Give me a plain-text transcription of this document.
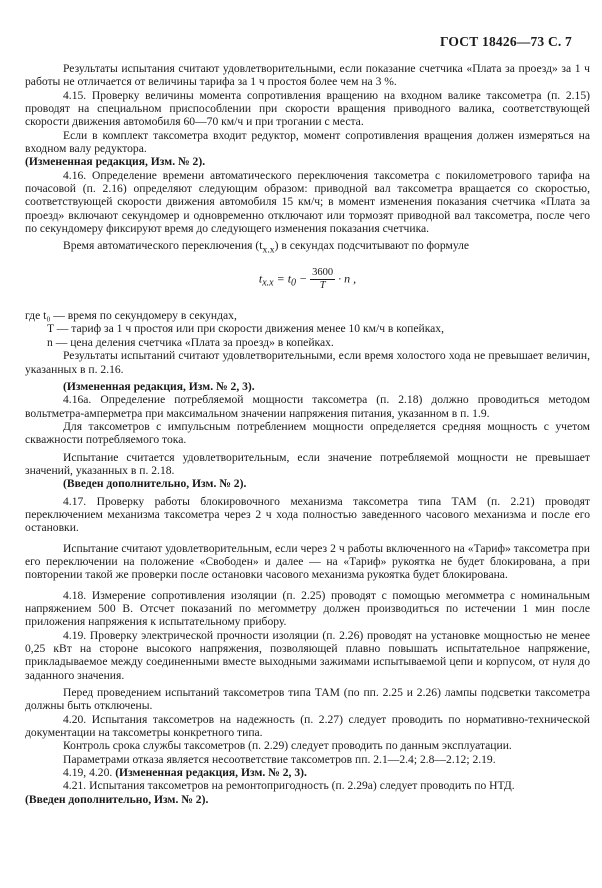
ГОСТ 18426—73 С. 7

Результаты испытания считают удовлетворительными, если показание счетчика «Плата за проезд» за 1 ч работы не отличается от величины тарифа за 1 ч простоя более чем на 3 %.

4.15. Проверку величины момента сопротивления вращению на входном валике таксометра (п. 2.15) проводят на специальном приспособлении при скорости вращения приводного валика, соответствующей скорости движения автомобиля 60—70 км/ч и при трогании с места.

Если в комплект таксометра входит редуктор, момент сопротивления вращения должен измеряться на входном валу редуктора.

(Измененная редакция, Изм. № 2).

4.16. Определение времени автоматического переключения таксометра с покилометрового тарифа на почасовой (п. 2.16) определяют следующим образом: приводной вал таксометра вращается со скоростью, соответствующей скорости движения автомобиля 15 км/ч; в момент изменения показания счетчика «Плата за проезд» включают секундомер и одновременно отключают или тормозят приводной вал таксометра, после чего по секундомеру фиксируют время до следующего изменения показания счетчика.

Время автоматического переключения $(t_{х.х})$ в секундах подсчитывают по формуле

$t_{х.х} = t_0 - \frac{3600}{T} \cdot n$ ,

где t₀ — время по секундомеру в секундах,

T — тариф за 1 ч простоя или при скорости движения менее 10 км/ч в копейках,

n — цена деления счетчика «Плата за проезд» в копейках.

Результаты испытаний считают удовлетворительными, если время холостого хода не превышает величин, указанных в п. 2.16.

(Измененная редакция, Изм. № 2, 3).

4.16а. Определение потребляемой мощности таксометра (п. 2.18) должно проводиться методом вольтметра-амперметра при максимальном значении напряжения питания, указанном в п. 1.9.

Для таксометров с импульсным потреблением мощности определяется средняя мощность с учетом скважности потребляемого тока.

Испытание считается удовлетворительным, если значение потребляемой мощности не превышает значений, указанных в п. 2.18.

(Введен дополнительно, Изм. № 2).

4.17. Проверку работы блокировочного механизма таксометра типа ТАМ (п. 2.21) проводят переключением механизма таксометра через 2 ч хода полностью заведенного часового механизма и после его остановки.

Испытание считают удовлетворительным, если через 2 ч работы включенного на «Тариф» таксометра при его переключении на положение «Свободен» и далее — на «Тариф» рукоятка не будет блокирована, а при повторении такой же проверки после остановки часового механизма рукоятка будет блокирована.

4.18. Измерение сопротивления изоляции (п. 2.25) проводят с помощью мегомметра с номинальным напряжением 500 В. Отсчет показаний по мегомметру должен производиться по истечении 1 мин после приложения напряжения к испытательному прибору.

4.19. Проверку электрической прочности изоляции (п. 2.26) проводят на установке мощностью не менее 0,25 кВт на стороне высокого напряжения, позволяющей плавно повышать испытательное напряжение, прикладываемое между соединенными вместе выходными зажимами испытываемой цепи и корпусом, от нуля до заданного значения.

Перед проведением испытаний таксометров типа ТАМ (по пп. 2.25 и 2.26) лампы подсветки таксометра должны быть отключены.

4.20. Испытания таксометров на надежность (п. 2.27) следует проводить по нормативно-технической документации на таксометры конкретного типа.

Контроль срока службы таксометров (п. 2.29) следует проводить по данным эксплуатации.

Параметрами отказа является несоответствие таксометров пп. 2.1—2.4; 2.8—2.12; 2.19.

4.19, 4.20. (Измененная редакция, Изм. № 2, 3).

4.21. Испытания таксометров на ремонтопригодность (п. 2.29а) следует проводить по НТД.

(Введен дополнительно, Изм. № 2).
